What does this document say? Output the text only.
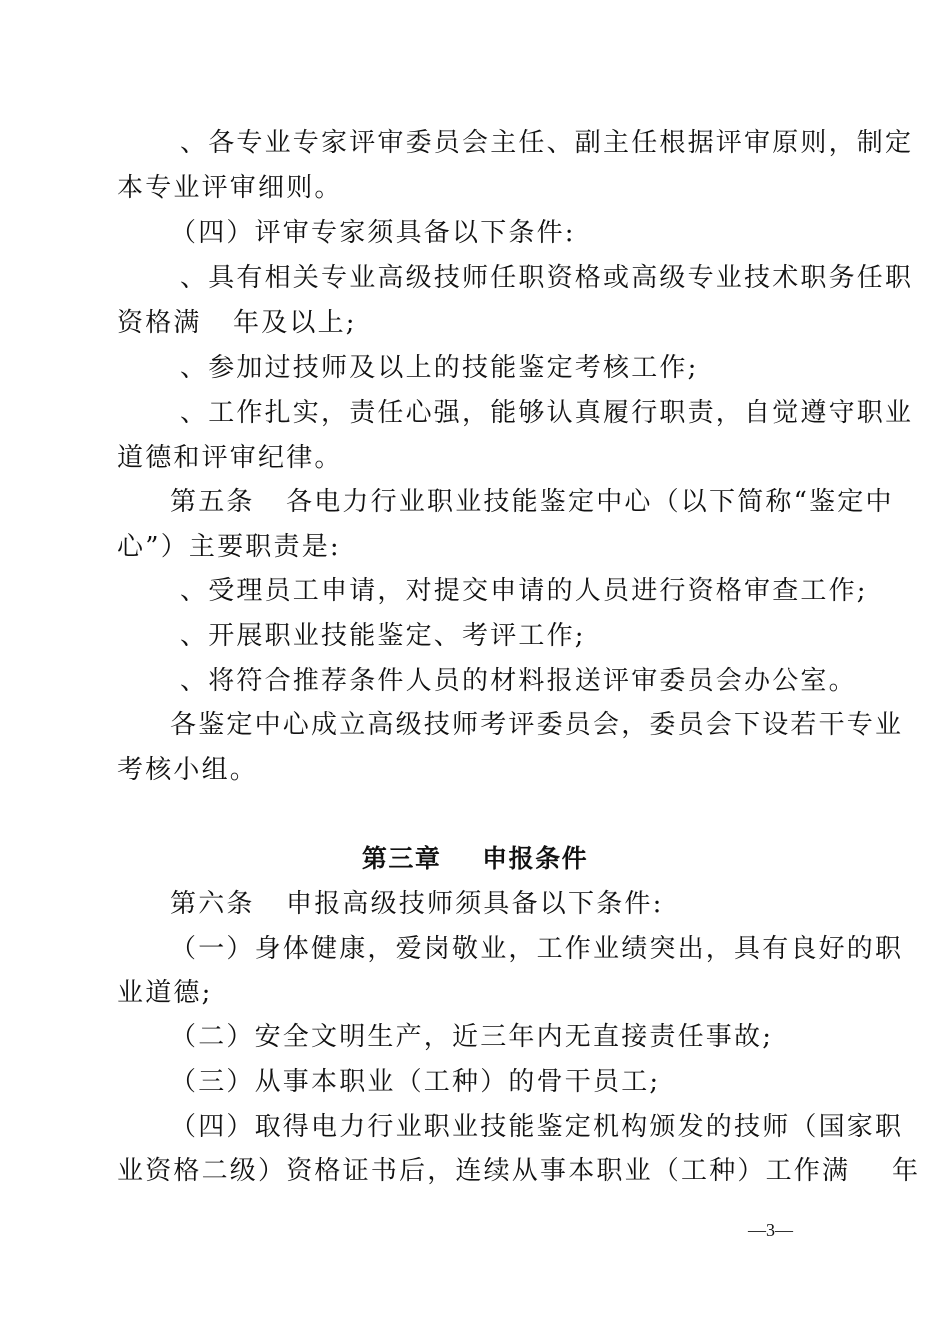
、各专业专家评审委员会主任、副主任根据评审原则，制定
本专业评审细则。
（四）评审专家须具备以下条件:
、具有相关专业高级技师任职资格或高级专业技术职务任职
资格满   年及以上;
、参加过技师及以上的技能鉴定考核工作;
、工作扎实，责任心强，能够认真履行职责，自觉遵守职业
道德和评审纪律。
第五条   各电力行业职业技能鉴定中心（以下简称“鉴定中
心”）主要职责是:
、受理员工申请，对提交申请的人员进行资格审查工作;
、开展职业技能鉴定、考评工作;
、将符合推荐条件人员的材料报送评审委员会办公室。
各鉴定中心成立高级技师考评委员会，委员会下设若干专业
考核小组。
第三章    申报条件
第六条   申报高级技师须具备以下条件:
（一）身体健康，爱岗敬业，工作业绩突出，具有良好的职
业道德;
（二）安全文明生产，近三年内无直接责任事故;
（三）从事本职业（工种）的骨干员工;
（四）取得电力行业职业技能鉴定机构颁发的技师（国家职
业资格二级）资格证书后，连续从事本职业（工种）工作满    年
—3—
